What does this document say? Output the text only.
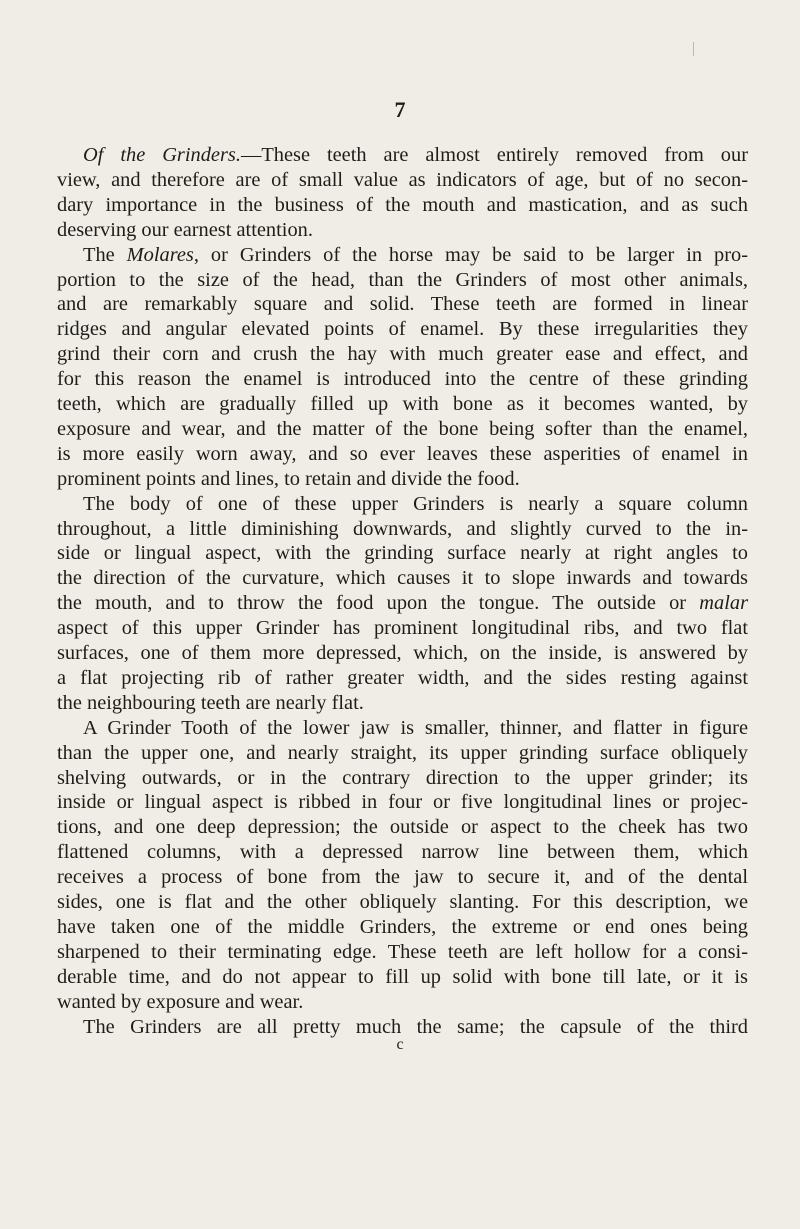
7
Of the Grinders.—These teeth are almost entirely removed from our
view, and therefore are of small value as indicators of age, but of no secon-
dary importance in the business of the mouth and mastication, and as such
deserving our earnest attention.
The Molares, or Grinders of the horse may be said to be larger in pro-
portion to the size of the head, than the Grinders of most other animals,
and are remarkably square and solid. These teeth are formed in linear
ridges and angular elevated points of enamel. By these irregularities they
grind their corn and crush the hay with much greater ease and effect, and
for this reason the enamel is introduced into the centre of these grinding
teeth, which are gradually filled up with bone as it becomes wanted, by
exposure and wear, and the matter of the bone being softer than the enamel,
is more easily worn away, and so ever leaves these asperities of enamel in
prominent points and lines, to retain and divide the food.
The body of one of these upper Grinders is nearly a square column
throughout, a little diminishing downwards, and slightly curved to the in-
side or lingual aspect, with the grinding surface nearly at right angles to
the direction of the curvature, which causes it to slope inwards and towards
the mouth, and to throw the food upon the tongue. The outside or malar
aspect of this upper Grinder has prominent longitudinal ribs, and two flat
surfaces, one of them more depressed, which, on the inside, is answered by
a flat projecting rib of rather greater width, and the sides resting against
the neighbouring teeth are nearly flat.
A Grinder Tooth of the lower jaw is smaller, thinner, and flatter in figure
than the upper one, and nearly straight, its upper grinding surface obliquely
shelving outwards, or in the contrary direction to the upper grinder; its
inside or lingual aspect is ribbed in four or five longitudinal lines or projec-
tions, and one deep depression; the outside or aspect to the cheek has two
flattened columns, with a depressed narrow line between them, which
receives a process of bone from the jaw to secure it, and of the dental
sides, one is flat and the other obliquely slanting. For this description, we
have taken one of the middle Grinders, the extreme or end ones being
sharpened to their terminating edge. These teeth are left hollow for a consi-
derable time, and do not appear to fill up solid with bone till late, or it is
wanted by exposure and wear.
The Grinders are all pretty much the same; the capsule of the third
c
